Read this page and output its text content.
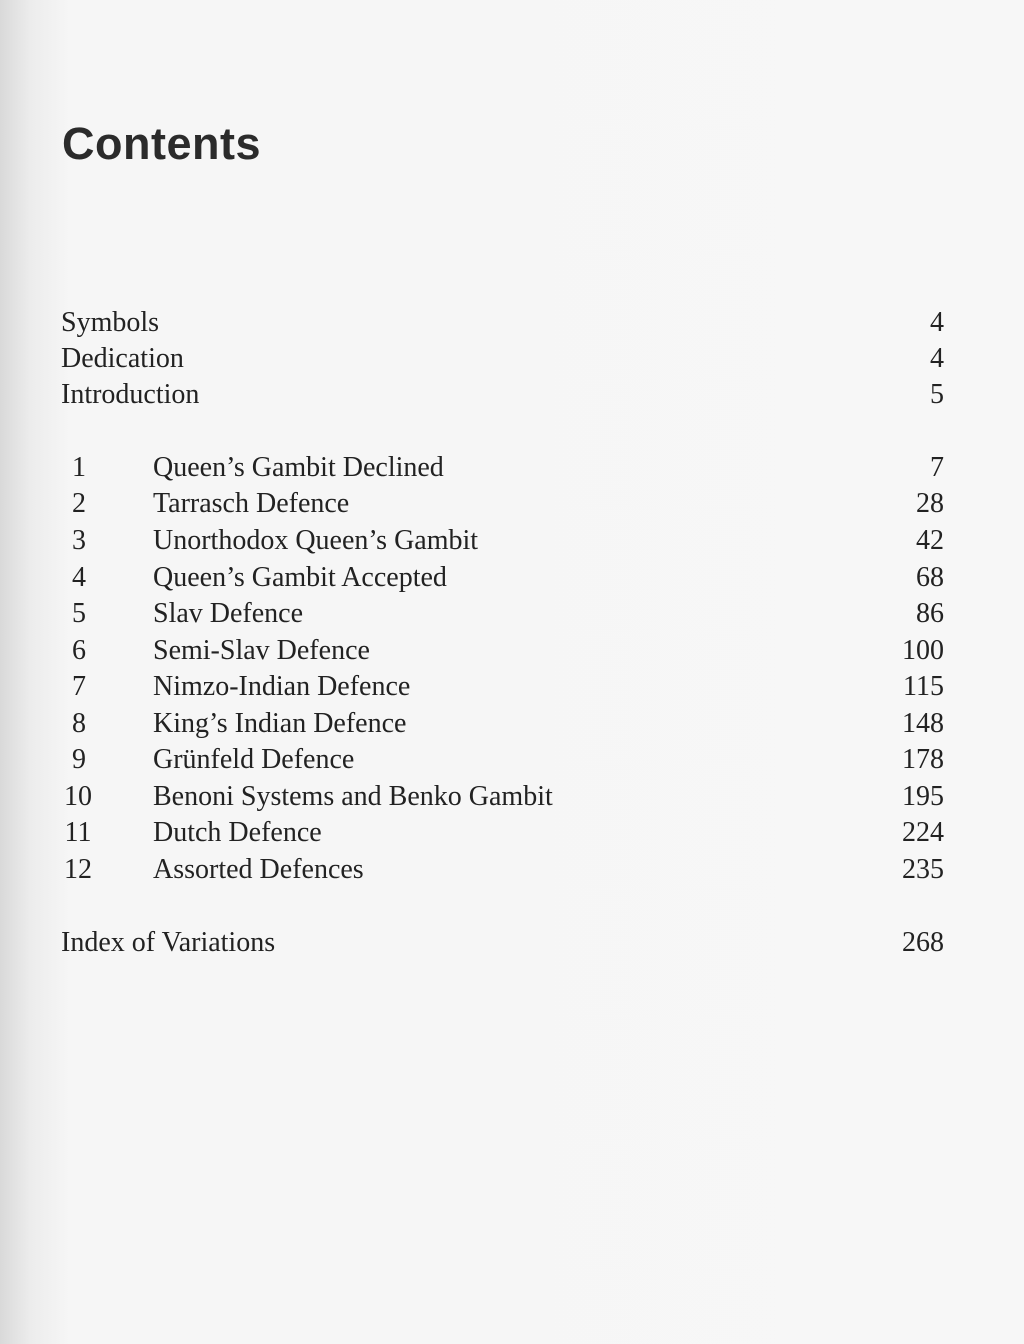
Contents
Symbols	4
Dedication	4
Introduction	5
1	Queen’s Gambit Declined	7
2	Tarrasch Defence	28
3	Unorthodox Queen’s Gambit	42
4	Queen’s Gambit Accepted	68
5	Slav Defence	86
6	Semi-Slav Defence	100
7	Nimzo-Indian Defence	115
8	King’s Indian Defence	148
9	Grünfeld Defence	178
10 Benoni Systems and Benko Gambit	195
11 Dutch Defence	224
12 Assorted Defences	235
Index of Variations	268
